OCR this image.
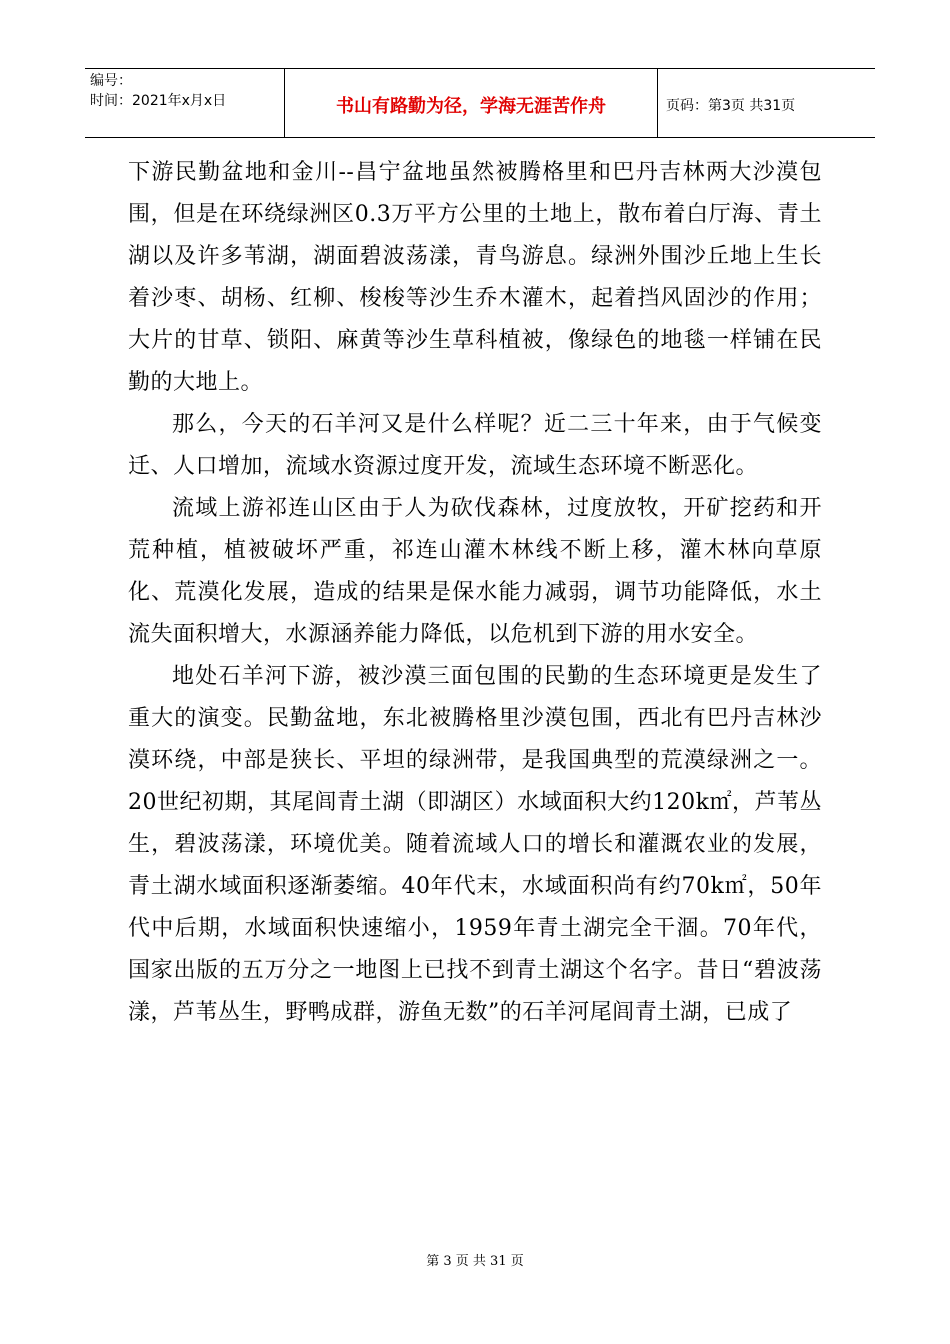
编号：
时间：2021年x月x日	书山有路勤为径，学海无涯苦作舟	页码：第3页 共31页

下游民勤盆地和金川--昌宁盆地虽然被腾格里和巴丹吉林两大沙漠包围，但是在环绕绿洲区0.3万平方公里的土地上，散布着白厅海、青土湖以及许多苇湖，湖面碧波荡漾，青鸟游息。绿洲外围沙丘地上生长着沙枣、胡杨、红柳、梭梭等沙生乔木灌木，起着挡风固沙的作用；大片的甘草、锁阳、麻黄等沙生草科植被，像绿色的地毯一样铺在民勤的大地上。

那么，今天的石羊河又是什么样呢？近二三十年来，由于气候变迁、人口增加，流域水资源过度开发，流域生态环境不断恶化。

流域上游祁连山区由于人为砍伐森林，过度放牧，开矿挖药和开荒种植，植被破坏严重，祁连山灌木林线不断上移，灌木林向草原化、荒漠化发展，造成的结果是保水能力减弱，调节功能降低，水土流失面积增大，水源涵养能力降低，以危机到下游的用水安全。

地处石羊河下游，被沙漠三面包围的民勤的生态环境更是发生了重大的演变。民勤盆地，东北被腾格里沙漠包围，西北有巴丹吉林沙漠环绕，中部是狭长、平坦的绿洲带，是我国典型的荒漠绿洲之一。20世纪初期，其尾闾青土湖（即湖区）水域面积大约120k㎡，芦苇丛生，碧波荡漾，环境优美。随着流域人口的增长和灌溉农业的发展，青土湖水域面积逐渐萎缩。40年代末，水域面积尚有约70k㎡，50年代中后期，水域面积快速缩小，1959年青土湖完全干涸。70年代，国家出版的五万分之一地图上已找不到青土湖这个名字。昔日“碧波荡漾，芦苇丛生，野鸭成群，游鱼无数”的石羊河尾闾青土湖，已成了

第 3 页 共 31 页
